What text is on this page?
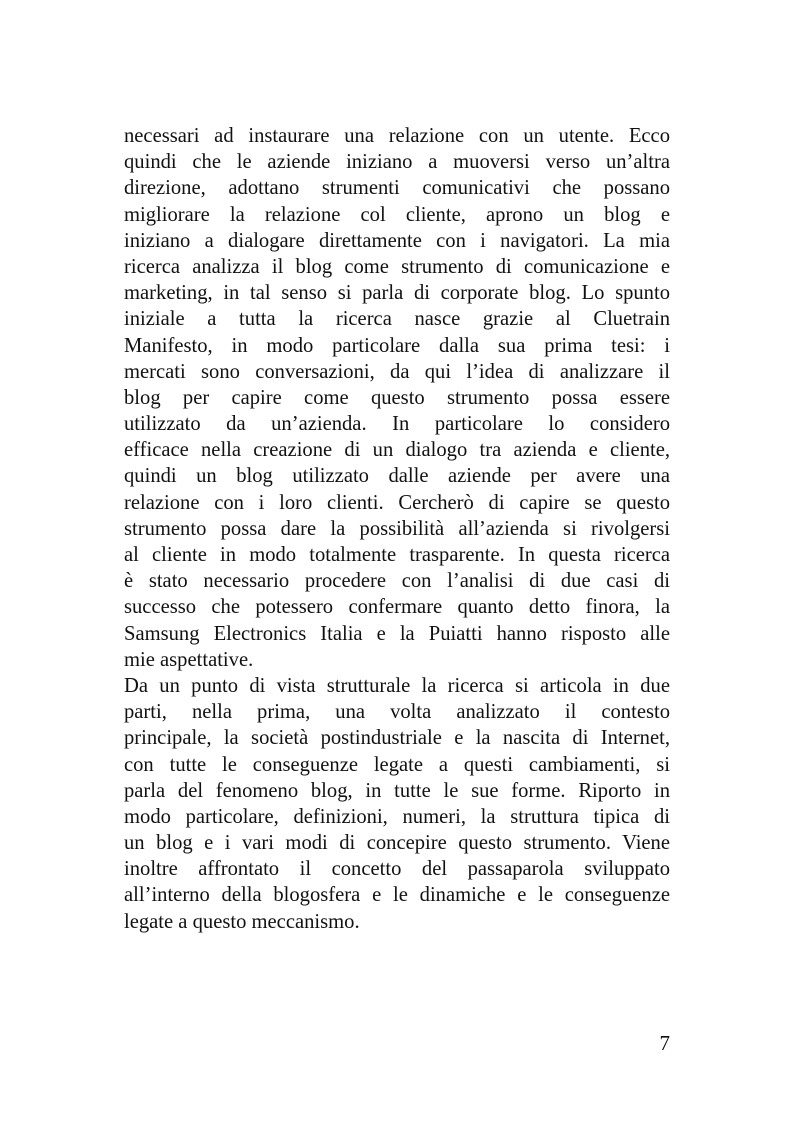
necessari ad instaurare una relazione con un utente. Ecco
quindi che le aziende iniziano a muoversi verso un’altra
direzione, adottano strumenti comunicativi che possano
migliorare la relazione col cliente, aprono un blog e
iniziano a dialogare direttamente con i navigatori. La mia
ricerca analizza il blog come strumento di comunicazione e
marketing, in tal senso si parla di corporate blog. Lo spunto
iniziale a tutta la ricerca nasce grazie al Cluetrain
Manifesto, in modo particolare dalla sua prima tesi: i
mercati sono conversazioni, da qui l’idea di analizzare il
blog per capire come questo strumento possa essere
utilizzato da un’azienda. In particolare lo considero
efficace nella creazione di un dialogo tra azienda e cliente,
quindi un blog utilizzato dalle aziende per avere una
relazione con i loro clienti. Cercherò di capire se questo
strumento possa dare la possibilità all’azienda si rivolgersi
al cliente in modo totalmente trasparente. In questa ricerca
è stato necessario procedere con l’analisi di due casi di
successo che potessero confermare quanto detto finora, la
Samsung Electronics Italia e la Puiatti hanno risposto alle
mie aspettative.
Da un punto di vista strutturale la ricerca si articola in due
parti, nella prima, una volta analizzato il contesto
principale, la società postindustriale e la nascita di Internet,
con tutte le conseguenze legate a questi cambiamenti, si
parla del fenomeno blog, in tutte le sue forme. Riporto in
modo particolare, definizioni, numeri, la struttura tipica di
un blog e i vari modi di concepire questo strumento. Viene
inoltre affrontato il concetto del passaparola sviluppato
all’interno della blogosfera e le dinamiche e le conseguenze
legate a questo meccanismo.
7
